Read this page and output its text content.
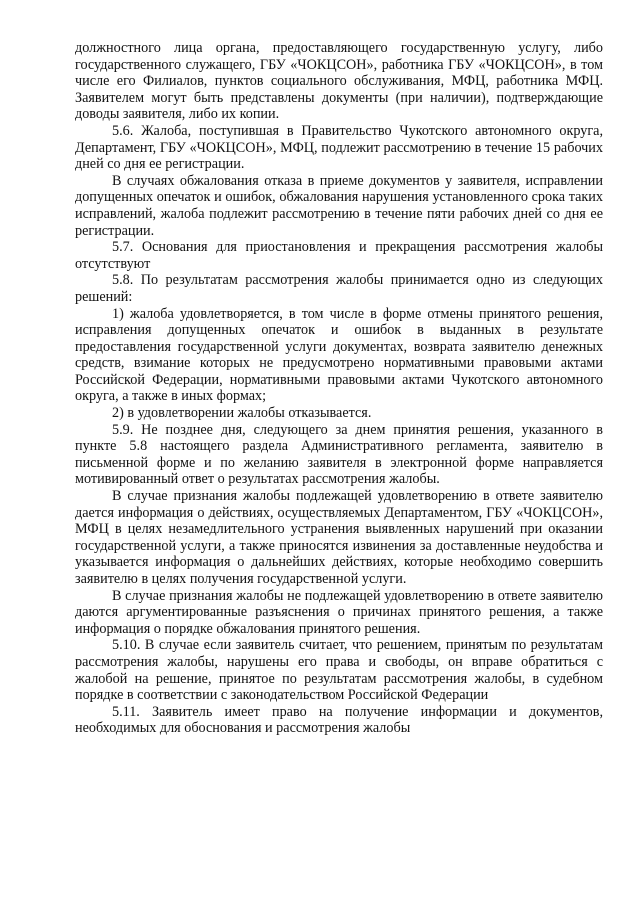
должностного лица органа, предоставляющего государственную услугу, либо государственного служащего, ГБУ «ЧОКЦСОН», работника ГБУ «ЧОКЦСОН», в том числе его Филиалов, пунктов социального обслуживания, МФЦ, работника МФЦ. Заявителем могут быть представлены документы (при наличии), подтверждающие доводы заявителя, либо их копии.

5.6. Жалоба, поступившая в Правительство Чукотского автономного округа, Департамент, ГБУ «ЧОКЦСОН», МФЦ, подлежит рассмотрению в течение 15 рабочих дней со дня ее регистрации.

В случаях обжалования отказа в приеме документов у заявителя, исправлении допущенных опечаток и ошибок, обжалования нарушения установленного срока таких исправлений, жалоба подлежит рассмотрению в течение пяти рабочих дней со дня ее регистрации.

5.7. Основания для приостановления и прекращения рассмотрения жалобы отсутствуют

5.8. По результатам рассмотрения жалобы принимается одно из следующих решений:

1) жалоба удовлетворяется, в том числе в форме отмены принятого решения, исправления допущенных опечаток и ошибок в выданных в результате предоставления государственной услуги документах, возврата заявителю денежных средств, взимание которых не предусмотрено нормативными правовыми актами Российской Федерации, нормативными правовыми актами Чукотского автономного округа, а также в иных формах;

2) в удовлетворении жалобы отказывается.

5.9. Не позднее дня, следующего за днем принятия решения, указанного в пункте 5.8 настоящего раздела Административного регламента, заявителю в письменной форме и по желанию заявителя в электронной форме направляется мотивированный ответ о результатах рассмотрения жалобы.

В случае признания жалобы подлежащей удовлетворению в ответе заявителю дается информация о действиях, осуществляемых Департаментом, ГБУ «ЧОКЦСОН», МФЦ в целях незамедлительного устранения выявленных нарушений при оказании государственной услуги, а также приносятся извинения за доставленные неудобства и указывается информация о дальнейших действиях, которые необходимо совершить заявителю в целях получения государственной услуги.

В случае признания жалобы не подлежащей удовлетворению в ответе заявителю даются аргументированные разъяснения о причинах принятого решения, а также информация о порядке обжалования принятого решения.

5.10. В случае если заявитель считает, что решением, принятым по результатам рассмотрения жалобы, нарушены его права и свободы, он вправе обратиться с жалобой на решение, принятое по результатам рассмотрения жалобы, в судебном порядке в соответствии с законодательством Российской Федерации

5.11. Заявитель имеет право на получение информации и документов, необходимых для обоснования и рассмотрения жалобы
